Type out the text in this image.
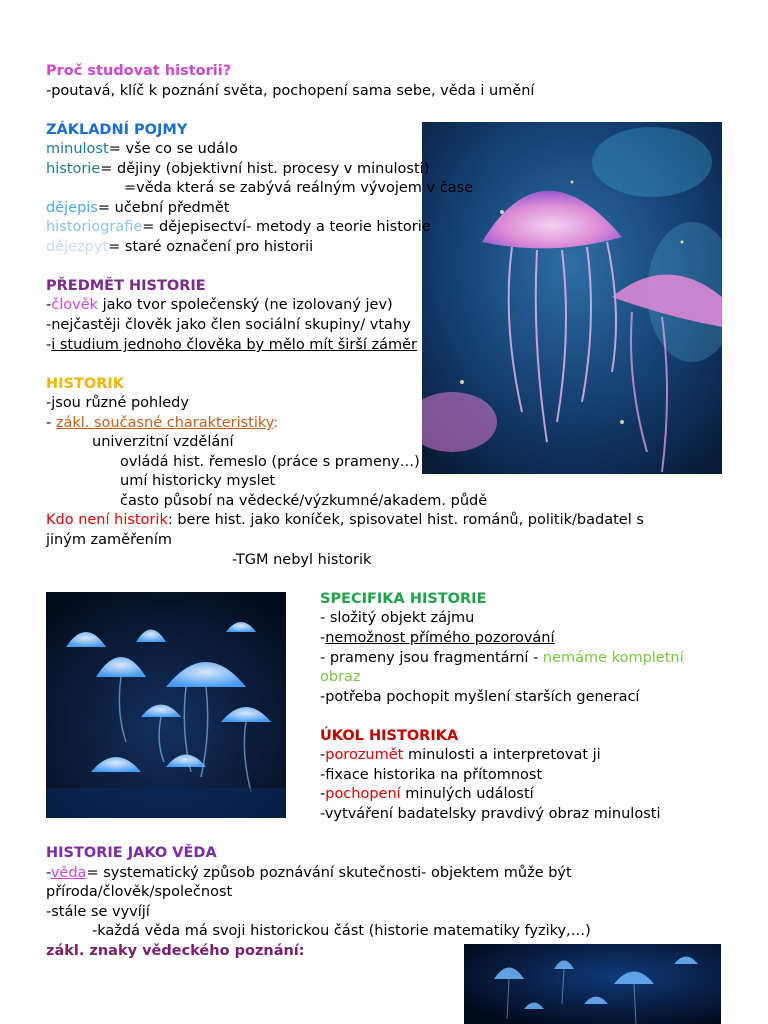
Proč studovat historii?
-poutavá, klíč k poznání světa, pochopení sama sebe, věda i umění
ZÁKLADNÍ POJMY
minulost= vše co se událo
historie= dějiny (objektivní hist. procesy v minulosti)
=věda která se zabývá reálným vývojem v čase
dějepis= učební předmět
historiografie= dějepisectví- metody a teorie historie
dějezpyt= staré označení pro historii
PŘEDMĚT HISTORIE
-člověk jako tvor společenský (ne izolovaný jev)
-nejčastěji člověk jako člen sociální skupiny/ vtahy
-i studium jednoho člověka by mělo mít širší záměr
HISTORIK
-jsou různé pohledy
- zákl. současné charakteristiky:
univerzitní vzdělání
ovládá hist. řemeslo (práce s prameny…)
umí historicky myslet
často působí na vědecké/výzkumné/akadem. půdě
Kdo není historik: bere hist. jako koníček, spisovatel hist. románů, politik/badatel s
jiným zaměřením
-TGM nebyl historik
SPECIFIKA HISTORIE
- složitý objekt zájmu
-nemožnost přímého pozorování
- prameny jsou fragmentární - nemáme kompletní
obraz
-potřeba pochopit myšlení starších generací
ÚKOL HISTORIKA
-porozumět minulosti a interpretovat ji
-fixace historika na přítomnost
-pochopení minulých událostí
-vytváření badatelsky pravdivý obraz minulosti
HISTORIE JAKO VĚDA
-věda= systematický způsob poznávání skutečnosti- objektem může být
příroda/člověk/společnost
-stále se vyvíjí
-každá věda má svoji historickou část (historie matematiky fyziky,…)
zákl. znaky vědeckého poznání:
